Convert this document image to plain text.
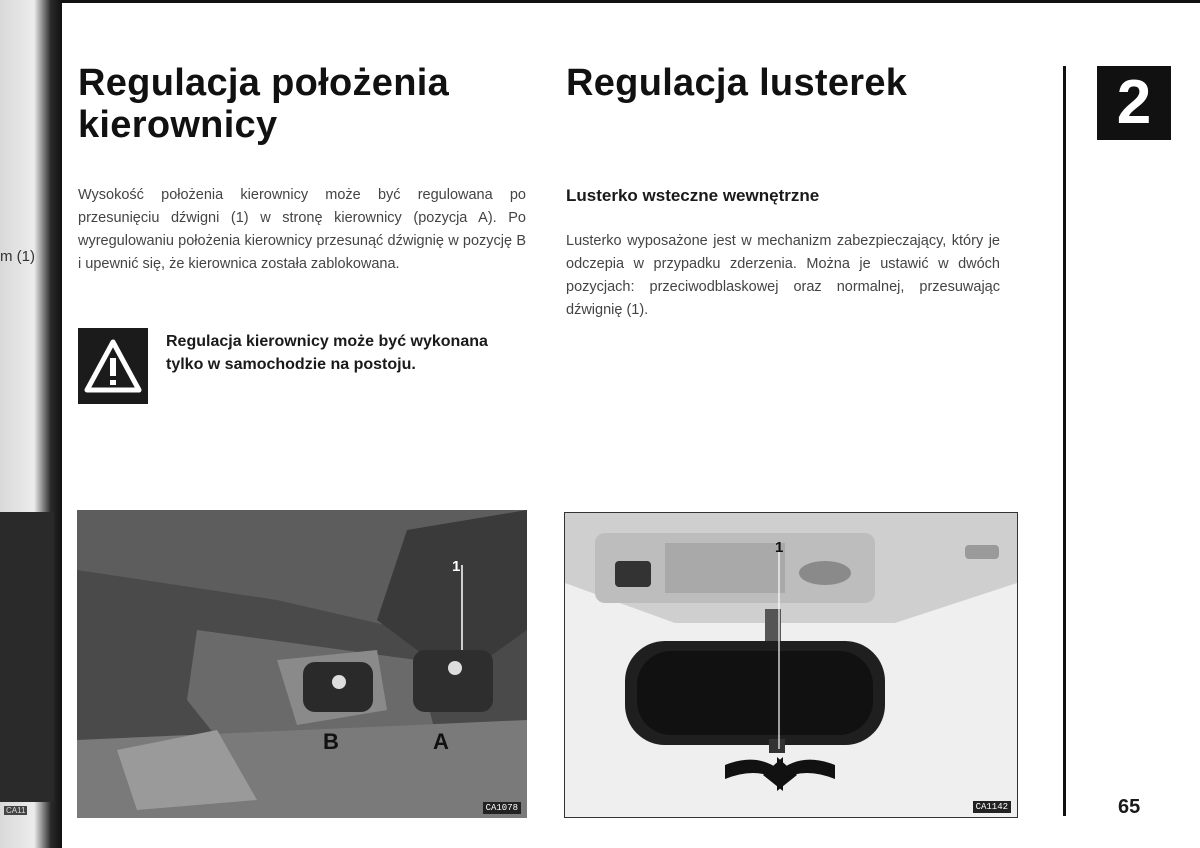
m (1)
CA11
Regulacja położenia kierownicy
Regulacja lusterek

Wysokość położenia kierownicy może być regulowana po przesunięciu dźwigni (1) w stronę kierownicy (pozycja A). Po wyregulowaniu położenia kierownicy przesunąć dźwignię w pozycję B i upewnić się, że kierownica została zablokowana.

Regulacja kierownicy może być wykonana tylko w samochodzie na postoju.

Lusterko wsteczne wewnętrzne

Lusterko wyposażone jest w mechanizm zabezpieczający, który je odczepia w przypadku zderzenia. Można je ustawić w dwóch pozycjach: przeciwodblaskowej oraz normalnej, przesuwając dźwignię (1).

2
65
1
B	A
CA1078
1
CA1142
